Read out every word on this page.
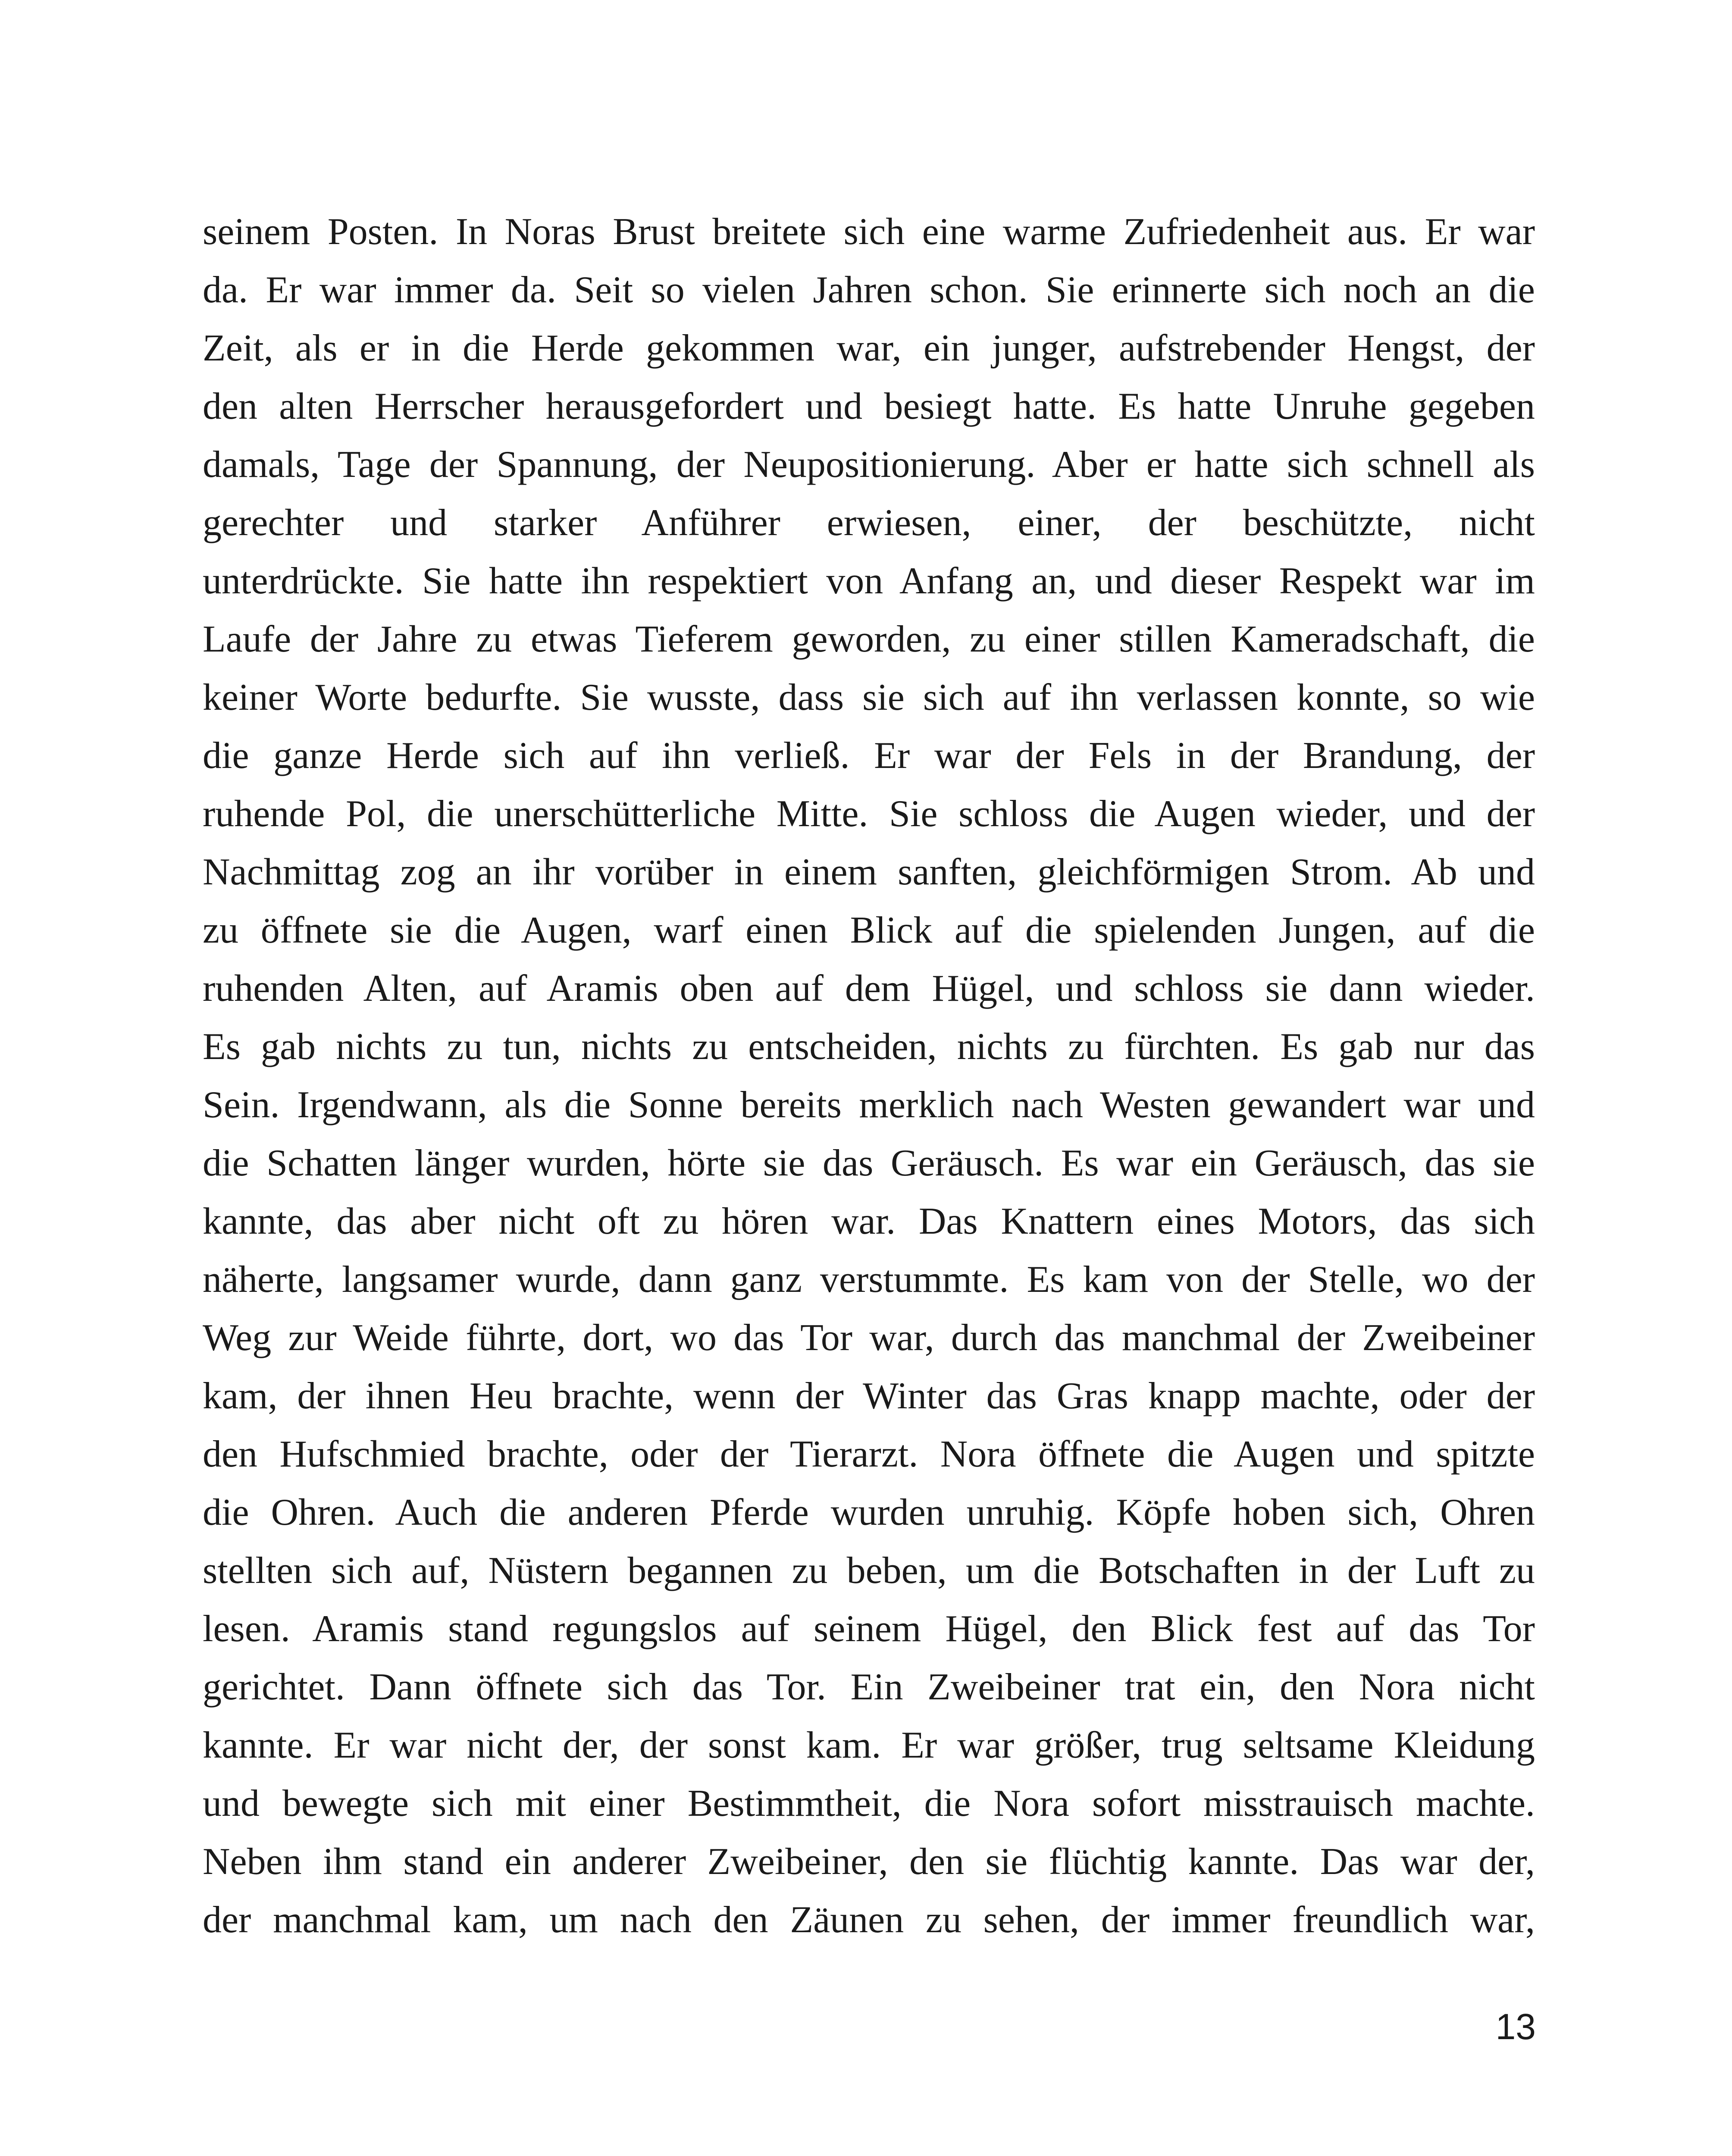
seinem Posten. In Noras Brust breitete sich eine warme Zufriedenheit aus. Er war
da. Er war immer da. Seit so vielen Jahren schon. Sie erinnerte sich noch an die
Zeit, als er in die Herde gekommen war, ein junger, aufstrebender Hengst, der
den alten Herrscher herausgefordert und besiegt hatte. Es hatte Unruhe gegeben
damals, Tage der Spannung, der Neupositionierung. Aber er hatte sich schnell als
gerechter und starker Anführer erwiesen, einer, der beschützte, nicht
unterdrückte. Sie hatte ihn respektiert von Anfang an, und dieser Respekt war im
Laufe der Jahre zu etwas Tieferem geworden, zu einer stillen Kameradschaft, die
keiner Worte bedurfte. Sie wusste, dass sie sich auf ihn verlassen konnte, so wie
die ganze Herde sich auf ihn verließ. Er war der Fels in der Brandung, der
ruhende Pol, die unerschütterliche Mitte. Sie schloss die Augen wieder, und der
Nachmittag zog an ihr vorüber in einem sanften, gleichförmigen Strom. Ab und
zu öffnete sie die Augen, warf einen Blick auf die spielenden Jungen, auf die
ruhenden Alten, auf Aramis oben auf dem Hügel, und schloss sie dann wieder.
Es gab nichts zu tun, nichts zu entscheiden, nichts zu fürchten. Es gab nur das
Sein. Irgendwann, als die Sonne bereits merklich nach Westen gewandert war und
die Schatten länger wurden, hörte sie das Geräusch. Es war ein Geräusch, das sie
kannte, das aber nicht oft zu hören war. Das Knattern eines Motors, das sich
näherte, langsamer wurde, dann ganz verstummte. Es kam von der Stelle, wo der
Weg zur Weide führte, dort, wo das Tor war, durch das manchmal der Zweibeiner
kam, der ihnen Heu brachte, wenn der Winter das Gras knapp machte, oder der
den Hufschmied brachte, oder der Tierarzt. Nora öffnete die Augen und spitzte
die Ohren. Auch die anderen Pferde wurden unruhig. Köpfe hoben sich, Ohren
stellten sich auf, Nüstern begannen zu beben, um die Botschaften in der Luft zu
lesen. Aramis stand regungslos auf seinem Hügel, den Blick fest auf das Tor
gerichtet. Dann öffnete sich das Tor. Ein Zweibeiner trat ein, den Nora nicht
kannte. Er war nicht der, der sonst kam. Er war größer, trug seltsame Kleidung
und bewegte sich mit einer Bestimmtheit, die Nora sofort misstrauisch machte.
Neben ihm stand ein anderer Zweibeiner, den sie flüchtig kannte. Das war der,
der manchmal kam, um nach den Zäunen zu sehen, der immer freundlich war,
13
